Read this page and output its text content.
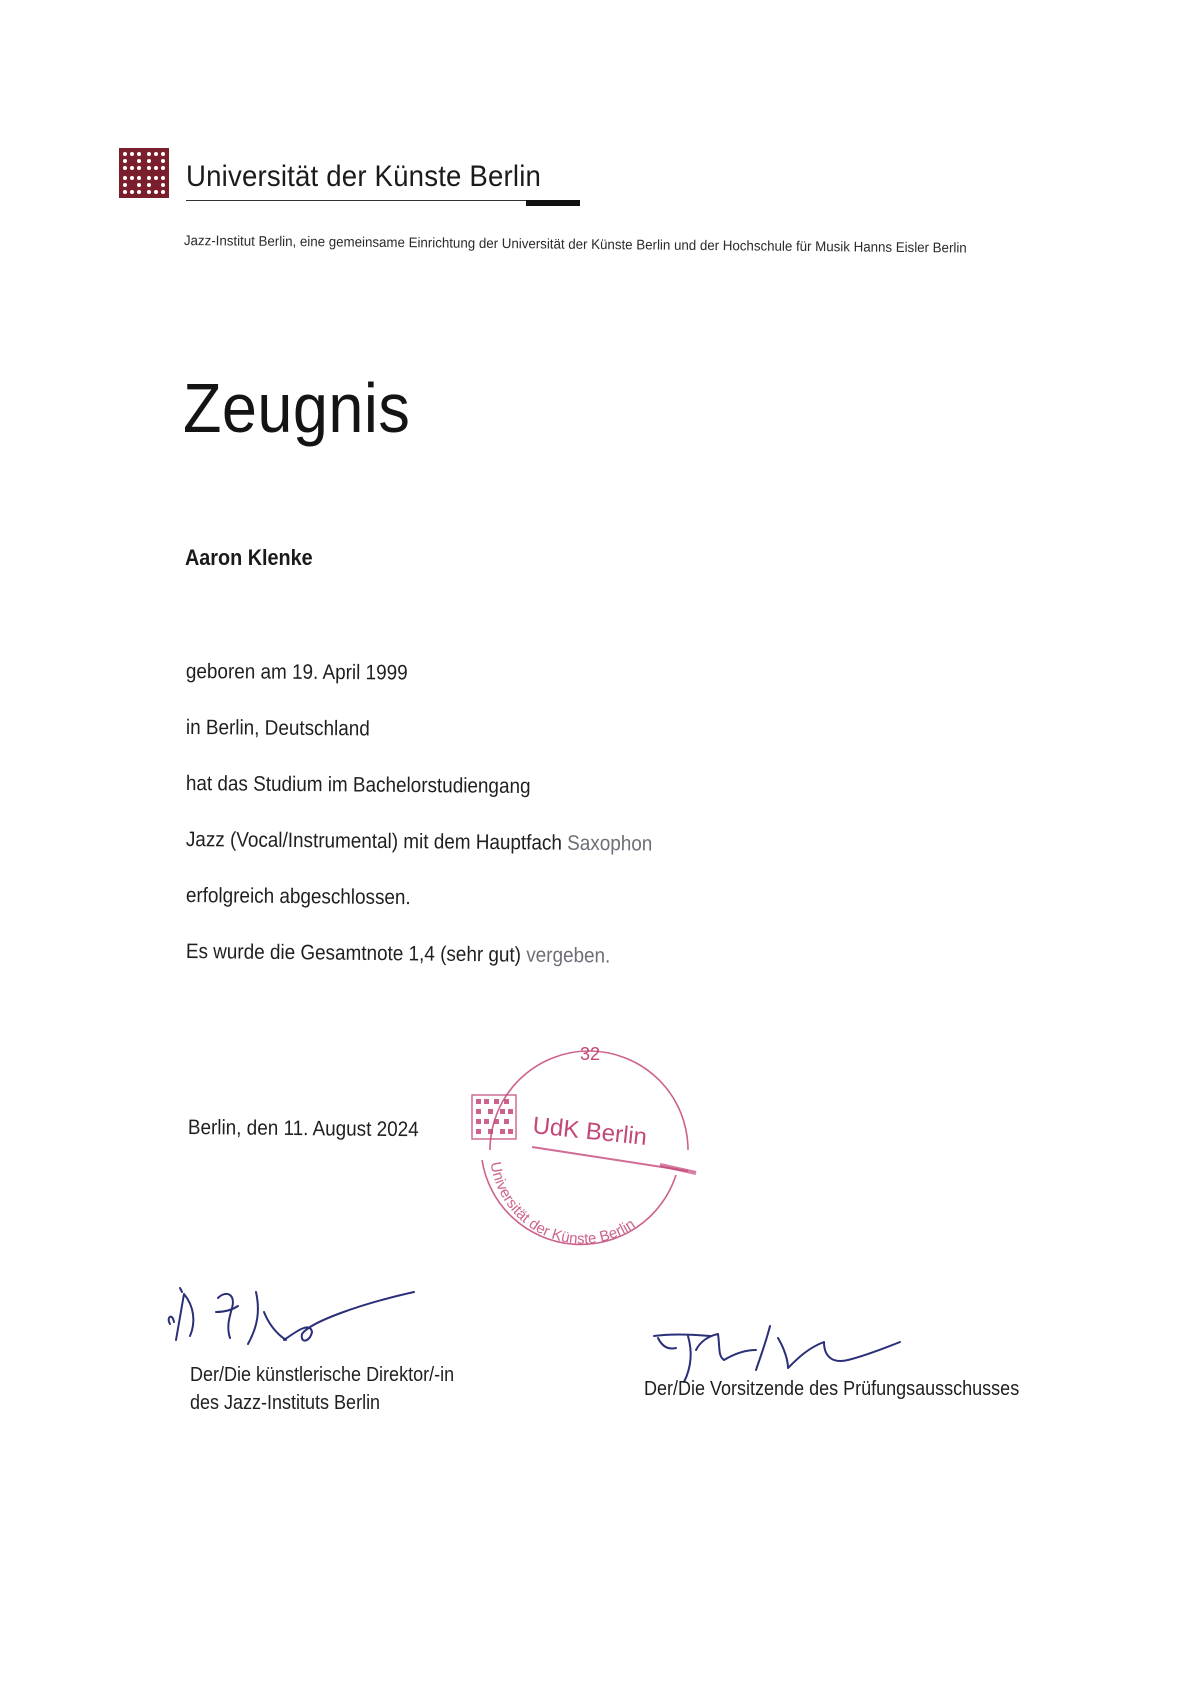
Universität der Künste Berlin
Jazz-Institut Berlin, eine gemeinsame Einrichtung der Universität der Künste Berlin und der Hochschule für Musik Hanns Eisler Berlin
Zeugnis
Aaron Klenke
geboren am 19. April 1999
in Berlin, Deutschland
hat das Studium im Bachelorstudiengang
Jazz (Vocal/Instrumental) mit dem Hauptfach Saxophon
erfolgreich abgeschlossen.
Es wurde die Gesamtnote 1,4 (sehr gut) vergeben.
Berlin, den 11. August 2024
32
UdK Berlin
Universität der Künste Berlin
Der/Die künstlerische Direktor/-in
des Jazz-Instituts Berlin
Der/Die Vorsitzende des Prüfungsausschusses
